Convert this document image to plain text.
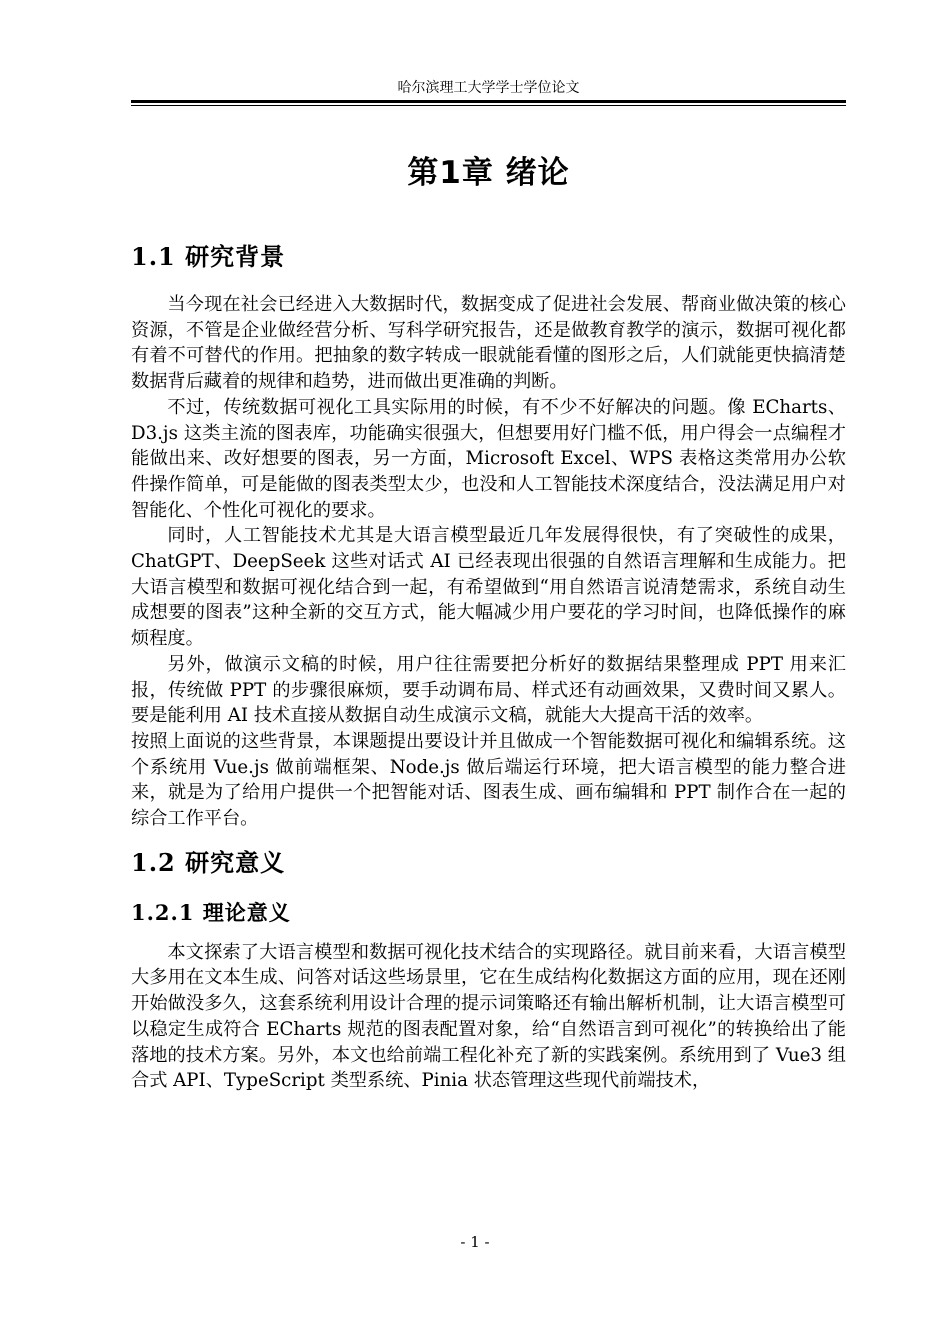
哈尔滨理工大学学士学位论文
第1章 绪论
1.1 研究背景

当今现在社会已经进入大数据时代，数据变成了促进社会发展、帮商业做决策的核心资源，不管是企业做经营分析、写科学研究报告，还是做教育教学的演示，数据可视化都有着不可替代的作用。把抽象的数字转成一眼就能看懂的图形之后，人们就能更快搞清楚数据背后藏着的规律和趋势，进而做出更准确的判断。

不过，传统数据可视化工具实际用的时候，有不少不好解决的问题。像 ECharts、D3.js 这类主流的图表库，功能确实很强大，但想要用好门槛不低，用户得会一点编程才能做出来、改好想要的图表，另一方面，Microsoft Excel、WPS 表格这类常用办公软件操作简单，可是能做的图表类型太少，也没和人工智能技术深度结合，没法满足用户对智能化、个性化可视化的要求。

同时，人工智能技术尤其是大语言模型最近几年发展得很快，有了突破性的成果，ChatGPT、DeepSeek 这些对话式 AI 已经表现出很强的自然语言理解和生成能力。把大语言模型和数据可视化结合到一起，有希望做到“用自然语言说清楚需求，系统自动生成想要的图表”这种全新的交互方式，能大幅减少用户要花的学习时间，也降低操作的麻烦程度。

另外，做演示文稿的时候，用户往往需要把分析好的数据结果整理成 PPT 用来汇报，传统做 PPT 的步骤很麻烦，要手动调布局、样式还有动画效果，又费时间又累人。要是能利用 AI 技术直接从数据自动生成演示文稿，就能大大提高干活的效率。

按照上面说的这些背景，本课题提出要设计并且做成一个智能数据可视化和编辑系统。这个系统用 Vue.js 做前端框架、Node.js 做后端运行环境，把大语言模型的能力整合进来，就是为了给用户提供一个把智能对话、图表生成、画布编辑和 PPT 制作合在一起的综合工作平台。

1.2 研究意义
1.2.1 理论意义

本文探索了大语言模型和数据可视化技术结合的实现路径。就目前来看，大语言模型大多用在文本生成、问答对话这些场景里，它在生成结构化数据这方面的应用，现在还刚开始做没多久，这套系统利用设计合理的提示词策略还有输出解析机制，让大语言模型可以稳定生成符合 ECharts 规范的图表配置对象，给“自然语言到可视化”的转换给出了能落地的技术方案。另外，本文也给前端工程化补充了新的实践案例。系统用到了 Vue3 组合式 API、TypeScript 类型系统、Pinia 状态管理这些现代前端技术，

- 1 -
